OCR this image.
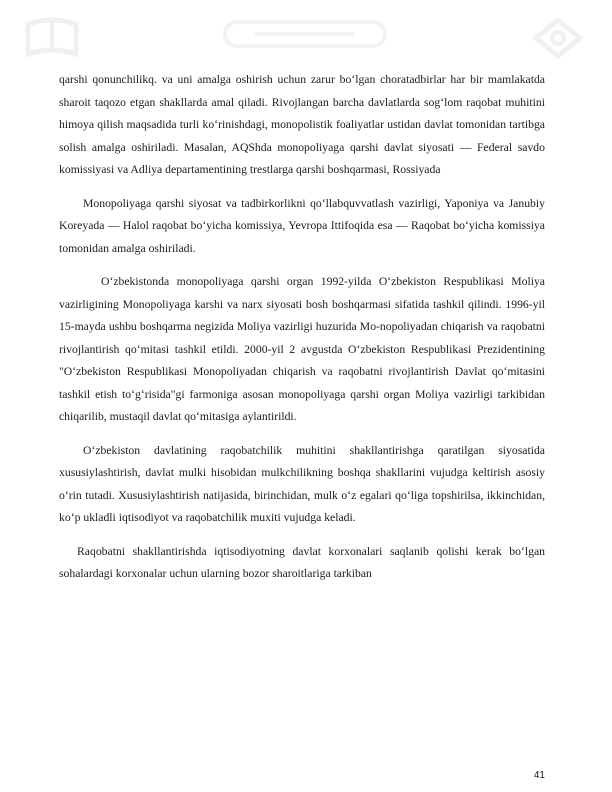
qarshi qonunchilikq. va uni amalga oshirish uchun zarur bo‘lgan choratadbirlar har bir mamlakatda sharoit taqozo etgan shakllarda amal qiladi. Rivojlangan barcha davlatlarda sog‘lom raqobat muhitini himoya qilish maqsadida turli ko‘rinishdagi, monopolistik foaliyatlar ustidan davlat tomonidan tartibga solish amalga oshiriladi. Masalan, AQShda monopoliyaga qarshi davlat siyosati — Federal savdo komissiyasi va Adliya departamentining trestlarga qarshi boshqarmasi, Rossiyada

Monopoliyaga qarshi siyosat va tadbirkorlikni qo‘llabquvvatlash vazirligi, Yaponiya va Janubiy Koreyada — Halol raqobat bo‘yicha komissiya, Yevropa Ittifoqida esa — Raqobat bo‘yicha komissiya tomonidan amalga oshiriladi.

O‘zbekistonda monopoliyaga qarshi organ 1992-yilda O‘zbekiston Respublikasi Moliya vazirligining Monopoliyaga karshi va narx siyosati bosh boshqarmasi sifatida tashkil qilindi. 1996-yil 15-mayda ushbu boshqarma negizida Moliya vazirligi huzurida Mo-nopoliyadan chiqarish va raqobatni rivojlantirish qo‘mitasi tashkil etildi. 2000-yil 2 avgustda O‘zbekiston Respublikasi Prezidentining "O‘zbekiston Respublikasi Monopoliyadan chiqarish va raqobatni rivojlantirish Davlat qo‘mitasini tashkil etish to‘g‘risida"gi farmoniga asosan monopoliyaga qarshi organ Moliya vazirligi tarkibidan chiqarilib, mustaqil davlat qo‘mitasiga aylantirildi.

O‘zbekiston davlatining raqobatchilik muhitini shakllantirishga qaratilgan siyosatida xususiylashtirish, davlat mulki hisobidan mulkchilikning boshqa shakllarini vujudga keltirish asosiy o‘rin tutadi. Xususiylashtirish natijasida, birinchidan, mulk o‘z egalari qo‘liga topshirilsa, ikkinchidan, ko‘p ukladli iqtisodiyot va raqobatchilik muxiti vujudga keladi.

Raqobatni shakllantirishda iqtisodiyotning davlat korxonalari saqlanib qolishi kerak bo‘lgan sohalardagi korxonalar uchun ularning bozor sharoitlariga tarkiban

41
